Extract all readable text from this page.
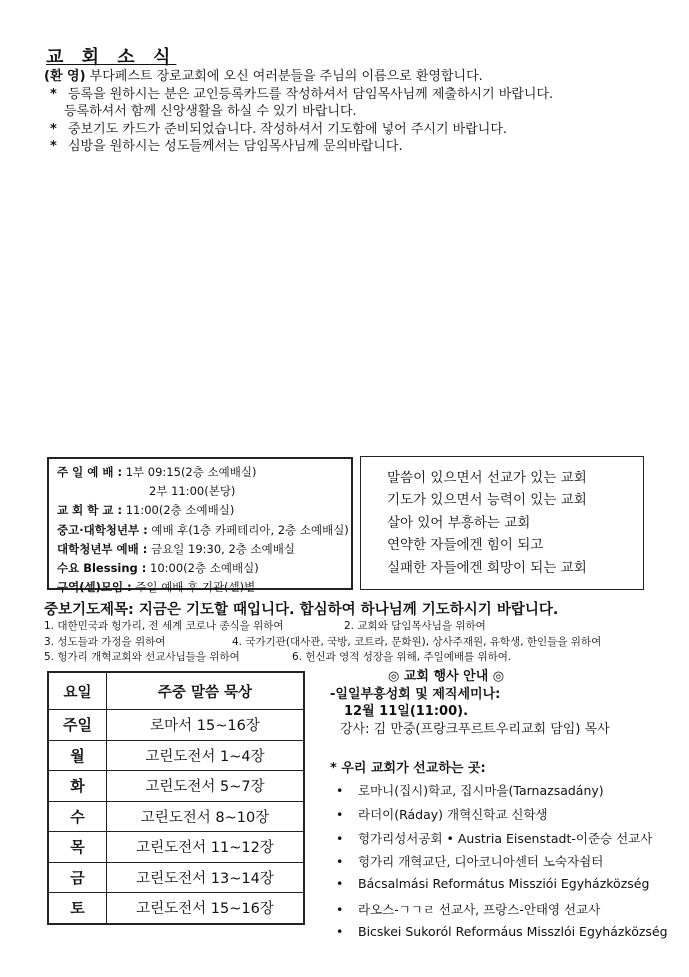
교 회 소 식
(환 영) 부다페스트 장로교회에 오신 여러분들을 주님의 이름으로 환영합니다.
* 등록을 원하시는 분은 교인등록카드를 작성하셔서 담임목사님께 제출하시기 바랍니다.
등록하셔서 함께 신앙생활을 하실 수 있기 바랍니다.
* 중보기도 카드가 준비되었습니다. 작성하셔서 기도함에 넣어 주시기 바랍니다.
* 심방을 원하시는 성도들께서는 담임목사님께 문의바랍니다.
주 일 예 배 : 1부 09:15(2층 소예배실)
2부 11:00(본당)
교 회 학 교 : 11:00(2층 소예배실)
중고·대학청년부 : 예배 후(1층 카페테리아, 2층 소예배실)
대학청년부 예배 : 금요일 19:30, 2층 소예배실
수요 Blessing : 10:00(2층 소예배실)
구역(셀)모임 : 주일 예배 후 기관(셀)별
말씀이 있으면서 선교가 있는 교회
기도가 있으면서 능력이 있는 교회
살아 있어 부흥하는 교회
연약한 자들에겐 힘이 되고
실패한 자들에겐 희망이 되는 교회
중보기도제목: 지금은 기도할 때입니다. 합심하여 하나님께 기도하시기 바랍니다.
1. 대한민국과 헝가리, 전 세계 코로나 종식을 위하여	2. 교회와 담임목사님을 위하여
3. 성도들과 가정을 위하여	4. 국가기관(대사관, 국방, 코트라, 문화원), 상사주재원, 유학생, 한인들을 위하여
5. 헝가리 개혁교회와 선교사님들을 위하여	6. 헌신과 영적 성장을 위해, 주일예배를 위하여.
요일	주중 말씀 묵상
주일	로마서 15~16장
월	고린도전서 1~4장
화	고린도전서 5~7장
수	고린도전서 8~10장
목	고린도전서 11~12장
금	고린도전서 13~14장
토	고린도전서 15~16장
◎ 교회 행사 안내 ◎
-일일부흥성회 및 제직세미나:
12월 11일(11:00).
강사: 김 만중(프랑크푸르트우리교회 담임) 목사
* 우리 교회가 선교하는 곳:
• 로마니(집시)학교, 집시마을(Tarnazsadány)
• 라더이(Ráday) 개혁신학교 신학생
• 헝가리성서공회 • Austria Eisenstadt-이준승 선교사
• 헝가리 개혁교단, 디아코니아센터 노숙자쉼터
• Bácsalmási Református Missziói Egyházközség
• 라오스-ㄱㄱㄹ 선교사, 프랑스-안태영 선교사
• Bicskei Sukoról Reformáus Misszlói Egyházközség
